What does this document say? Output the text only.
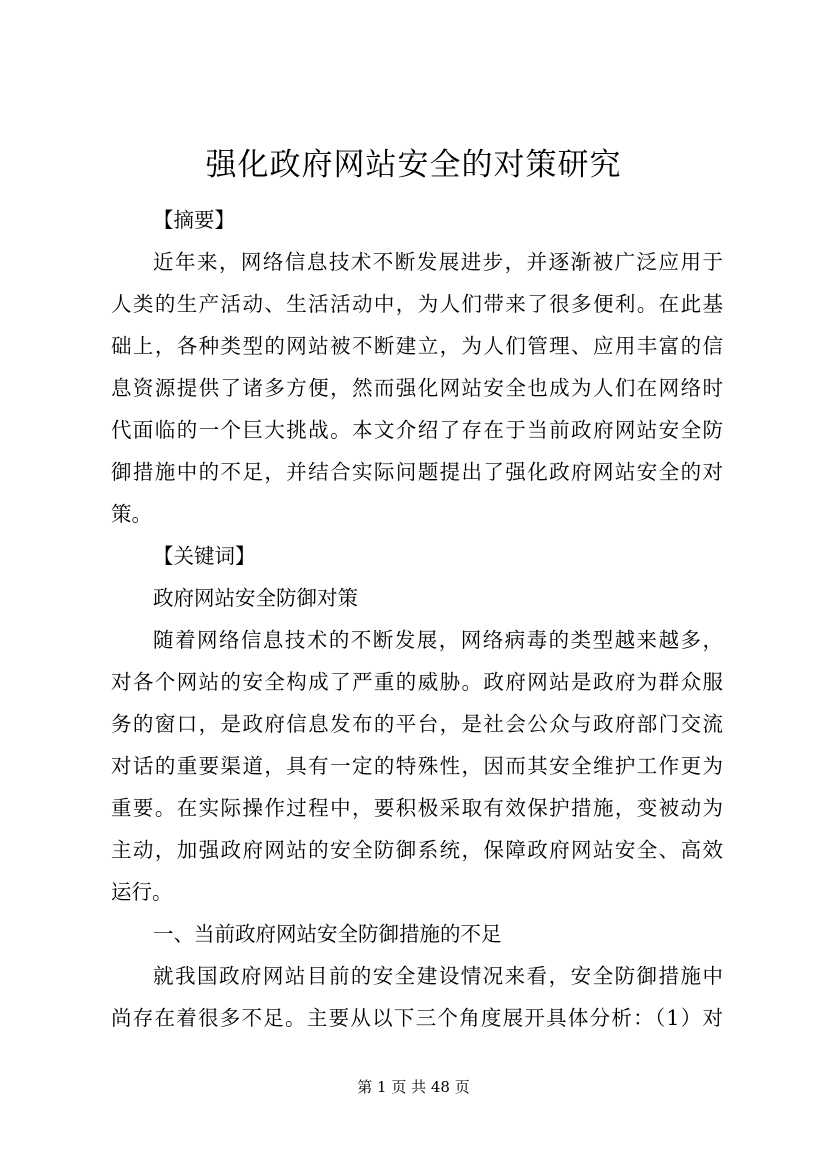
强化政府网站安全的对策研究
【摘要】
近年来，网络信息技术不断发展进步，并逐渐被广泛应用于
人类的生产活动、生活活动中，为人们带来了很多便利。在此基
础上，各种类型的网站被不断建立，为人们管理、应用丰富的信
息资源提供了诸多方便，然而强化网站安全也成为人们在网络时
代面临的一个巨大挑战。本文介绍了存在于当前政府网站安全防
御措施中的不足，并结合实际问题提出了强化政府网站安全的对
策。
【关键词】
政府网站安全防御对策
随着网络信息技术的不断发展，网络病毒的类型越来越多，
对各个网站的安全构成了严重的威胁。政府网站是政府为群众服
务的窗口，是政府信息发布的平台，是社会公众与政府部门交流
对话的重要渠道，具有一定的特殊性，因而其安全维护工作更为
重要。在实际操作过程中，要积极采取有效保护措施，变被动为
主动，加强政府网站的安全防御系统，保障政府网站安全、高效
运行。
一、当前政府网站安全防御措施的不足
就我国政府网站目前的安全建设情况来看，安全防御措施中
尚存在着很多不足。主要从以下三个角度展开具体分析：（1）对
第 1 页 共 48 页
